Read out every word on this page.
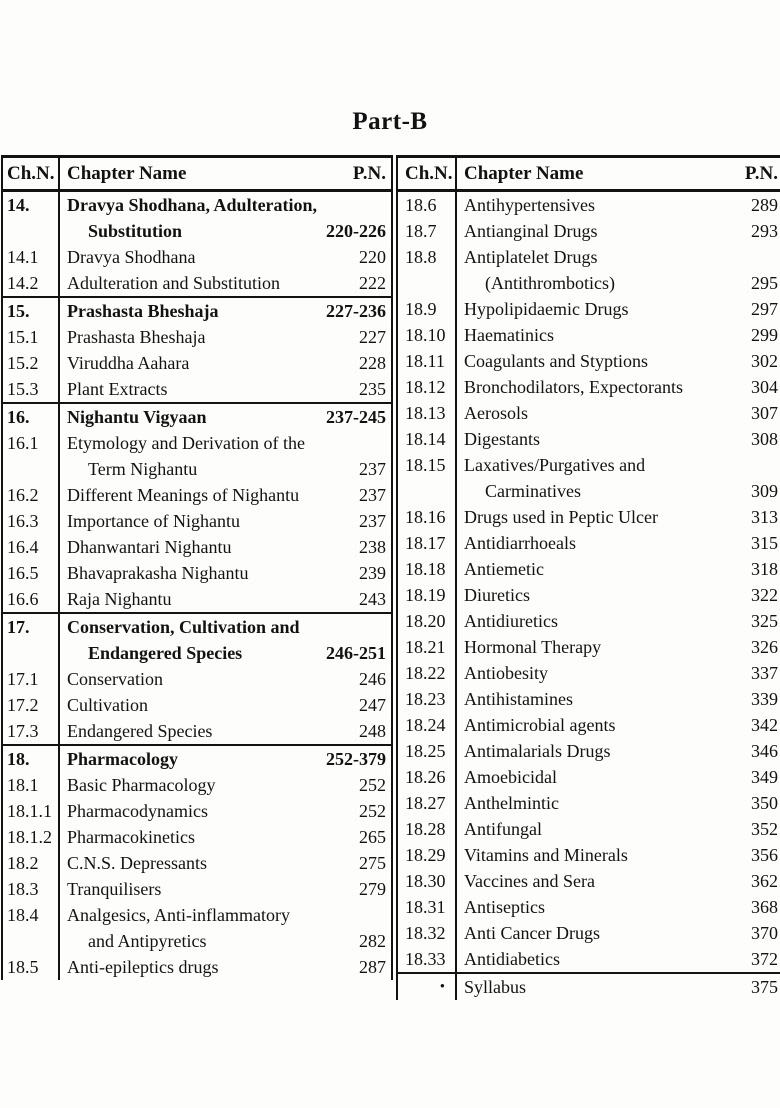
Part-B
Ch.N. Chapter Name	P.N.
14.	Dravya Shodhana, Adulteration,
Substitution	220-226
14.1	Dravya Shodhana	220
14.2	Adulteration and Substitution	222
15.	Prashasta Bheshaja	227-236
15.1	Prashasta Bheshaja	227
15.2	Viruddha Aahara	228
15.3	Plant Extracts	235
16.	Nighantu Vigyaan	237-245
16.1	Etymology and Derivation of the
Term Nighantu	237
16.2	Different Meanings of Nighantu	237
16.3	Importance of Nighantu	237
16.4	Dhanwantari Nighantu	238
16.5	Bhavaprakasha Nighantu	239
16.6	Raja Nighantu	243
17.	Conservation, Cultivation and
Endangered Species	246-251
17.1	Conservation	246
17.2	Cultivation	247
17.3	Endangered Species	248
18.	Pharmacology	252-379
18.1	Basic Pharmacology	252
18.1.1 Pharmacodynamics	252
18.1.2 Pharmacokinetics	265
18.2	C.N.S. Depressants	275
18.3	Tranquilisers	279
18.4	Analgesics, Anti-inflammatory
and Antipyretics	282
18.5	Anti-epileptics drugs	287
Ch.N. Chapter Name	P.N.
18.6	Antihypertensives	289
18.7	Antianginal Drugs	293
18.8	Antiplatelet Drugs
(Antithrombotics)	295
18.9	Hypolipidaemic Drugs	297
18.10	Haematinics	299
18.11	Coagulants and Styptions	302
18.12	Bronchodilators, Expectorants	304
18.13	Aerosols	307
18.14	Digestants	308
18.15	Laxatives/Purgatives and
Carminatives	309
18.16	Drugs used in Peptic Ulcer	313
18.17	Antidiarrhoeals	315
18.18	Antiemetic	318
18.19	Diuretics	322
18.20	Antidiuretics	325
18.21	Hormonal Therapy	326
18.22	Antiobesity	337
18.23	Antihistamines	339
18.24	Antimicrobial agents	342
18.25	Antimalarials Drugs	346
18.26	Amoebicidal	349
18.27	Anthelmintic	350
18.28	Antifungal	352
18.29	Vitamins and Minerals	356
18.30	Vaccines and Sera	362
18.31	Antiseptics	368
18.32	Anti Cancer Drugs	370
18.33	Antidiabetics	372
•	Syllabus	375
